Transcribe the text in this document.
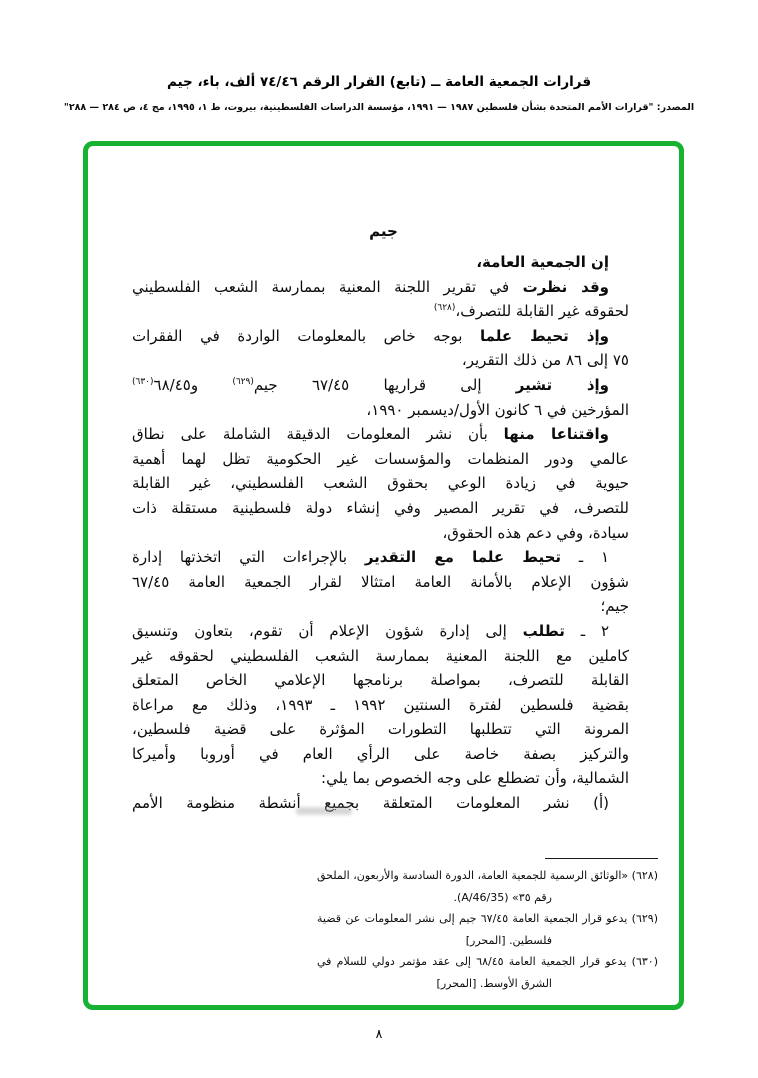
قرارات الجمعية العامة ــ (تابع) القرار الرقم ٧٤/٤٦ ألف، باء، جيم
المصدر: "قرارات الأمم المتحدة بشأن فلسطين ١٩٨٧ — ١٩٩١، مؤسسة الدراسات الفلسطينية، بيروت، ط ١، ١٩٩٥، مج ٤، ص ٢٨٤ — ٢٨٨"
جيم
إن الجمعية العامة،
وقد نظرت في تقرير اللجنة المعنية بممارسة الشعب الفلسطيني
لحقوقه غير القابلة للتصرف،$^{(٦٢٨)}$
وإذ تحيط علما بوجه خاص بالمعلومات الواردة في الفقرات
٧٥ إلى ٨٦ من ذلك التقرير،
وإذ تشير إلى قراريها ٦٧/٤٥ جيم$^{(٦٢٩)}$ و٦٨/٤٥$^{(٦٣٠)}$
المؤرخين في ٦ كانون الأول/ديسمبر ١٩٩٠،
واقتناعا منها بأن نشر المعلومات الدقيقة الشاملة على نطاق
عالمي ودور المنظمات والمؤسسات غير الحكومية تظل لهما أهمية
حيوية في زيادة الوعي بحقوق الشعب الفلسطيني، غير القابلة
للتصرف، في تقرير المصير وفي إنشاء دولة فلسطينية مستقلة ذات
سيادة، وفي دعم هذه الحقوق،
١ ـ تحيط علما مع التقدير بالإجراءات التي اتخذتها إدارة
شؤون الإعلام بالأمانة العامة امتثالا لقرار الجمعية العامة ٦٧/٤٥
جيم؛
٢ ـ تطلب إلى إدارة شؤون الإعلام أن تقوم، بتعاون وتنسيق
كاملين مع اللجنة المعنية بممارسة الشعب الفلسطيني لحقوقه غير
القابلة للتصرف، بمواصلة برنامجها الإعلامي الخاص المتعلق
بقضية فلسطين لفترة السنتين ١٩٩٢ ـ ١٩٩٣، وذلك مع مراعاة
المرونة التي تتطلبها التطورات المؤثرة على قضية فلسطين،
والتركيز بصفة خاصة على الرأي العام في أوروبا وأميركا
الشمالية، وأن تضطلع على وجه الخصوص بما يلي:
(أ) نشر المعلومات المتعلقة بجميع أنشطة منظومة الأمم
(٦٢٨) «الوثائق الرسمية للجمعية العامة، الدورة السادسة والأربعون، الملحق
رقم ٣٥» (A/46/35).
(٦٢٩) يدعو قرار الجمعية العامة ٦٧/٤٥ جيم إلى نشر المعلومات عن قضية
فلسطين. [المحرر]
(٦٣٠) يدعو قرار الجمعية العامة ٦٨/٤٥ إلى عقد مؤتمر دولي للسلام في
الشرق الأوسط. [المحرر]
٨
